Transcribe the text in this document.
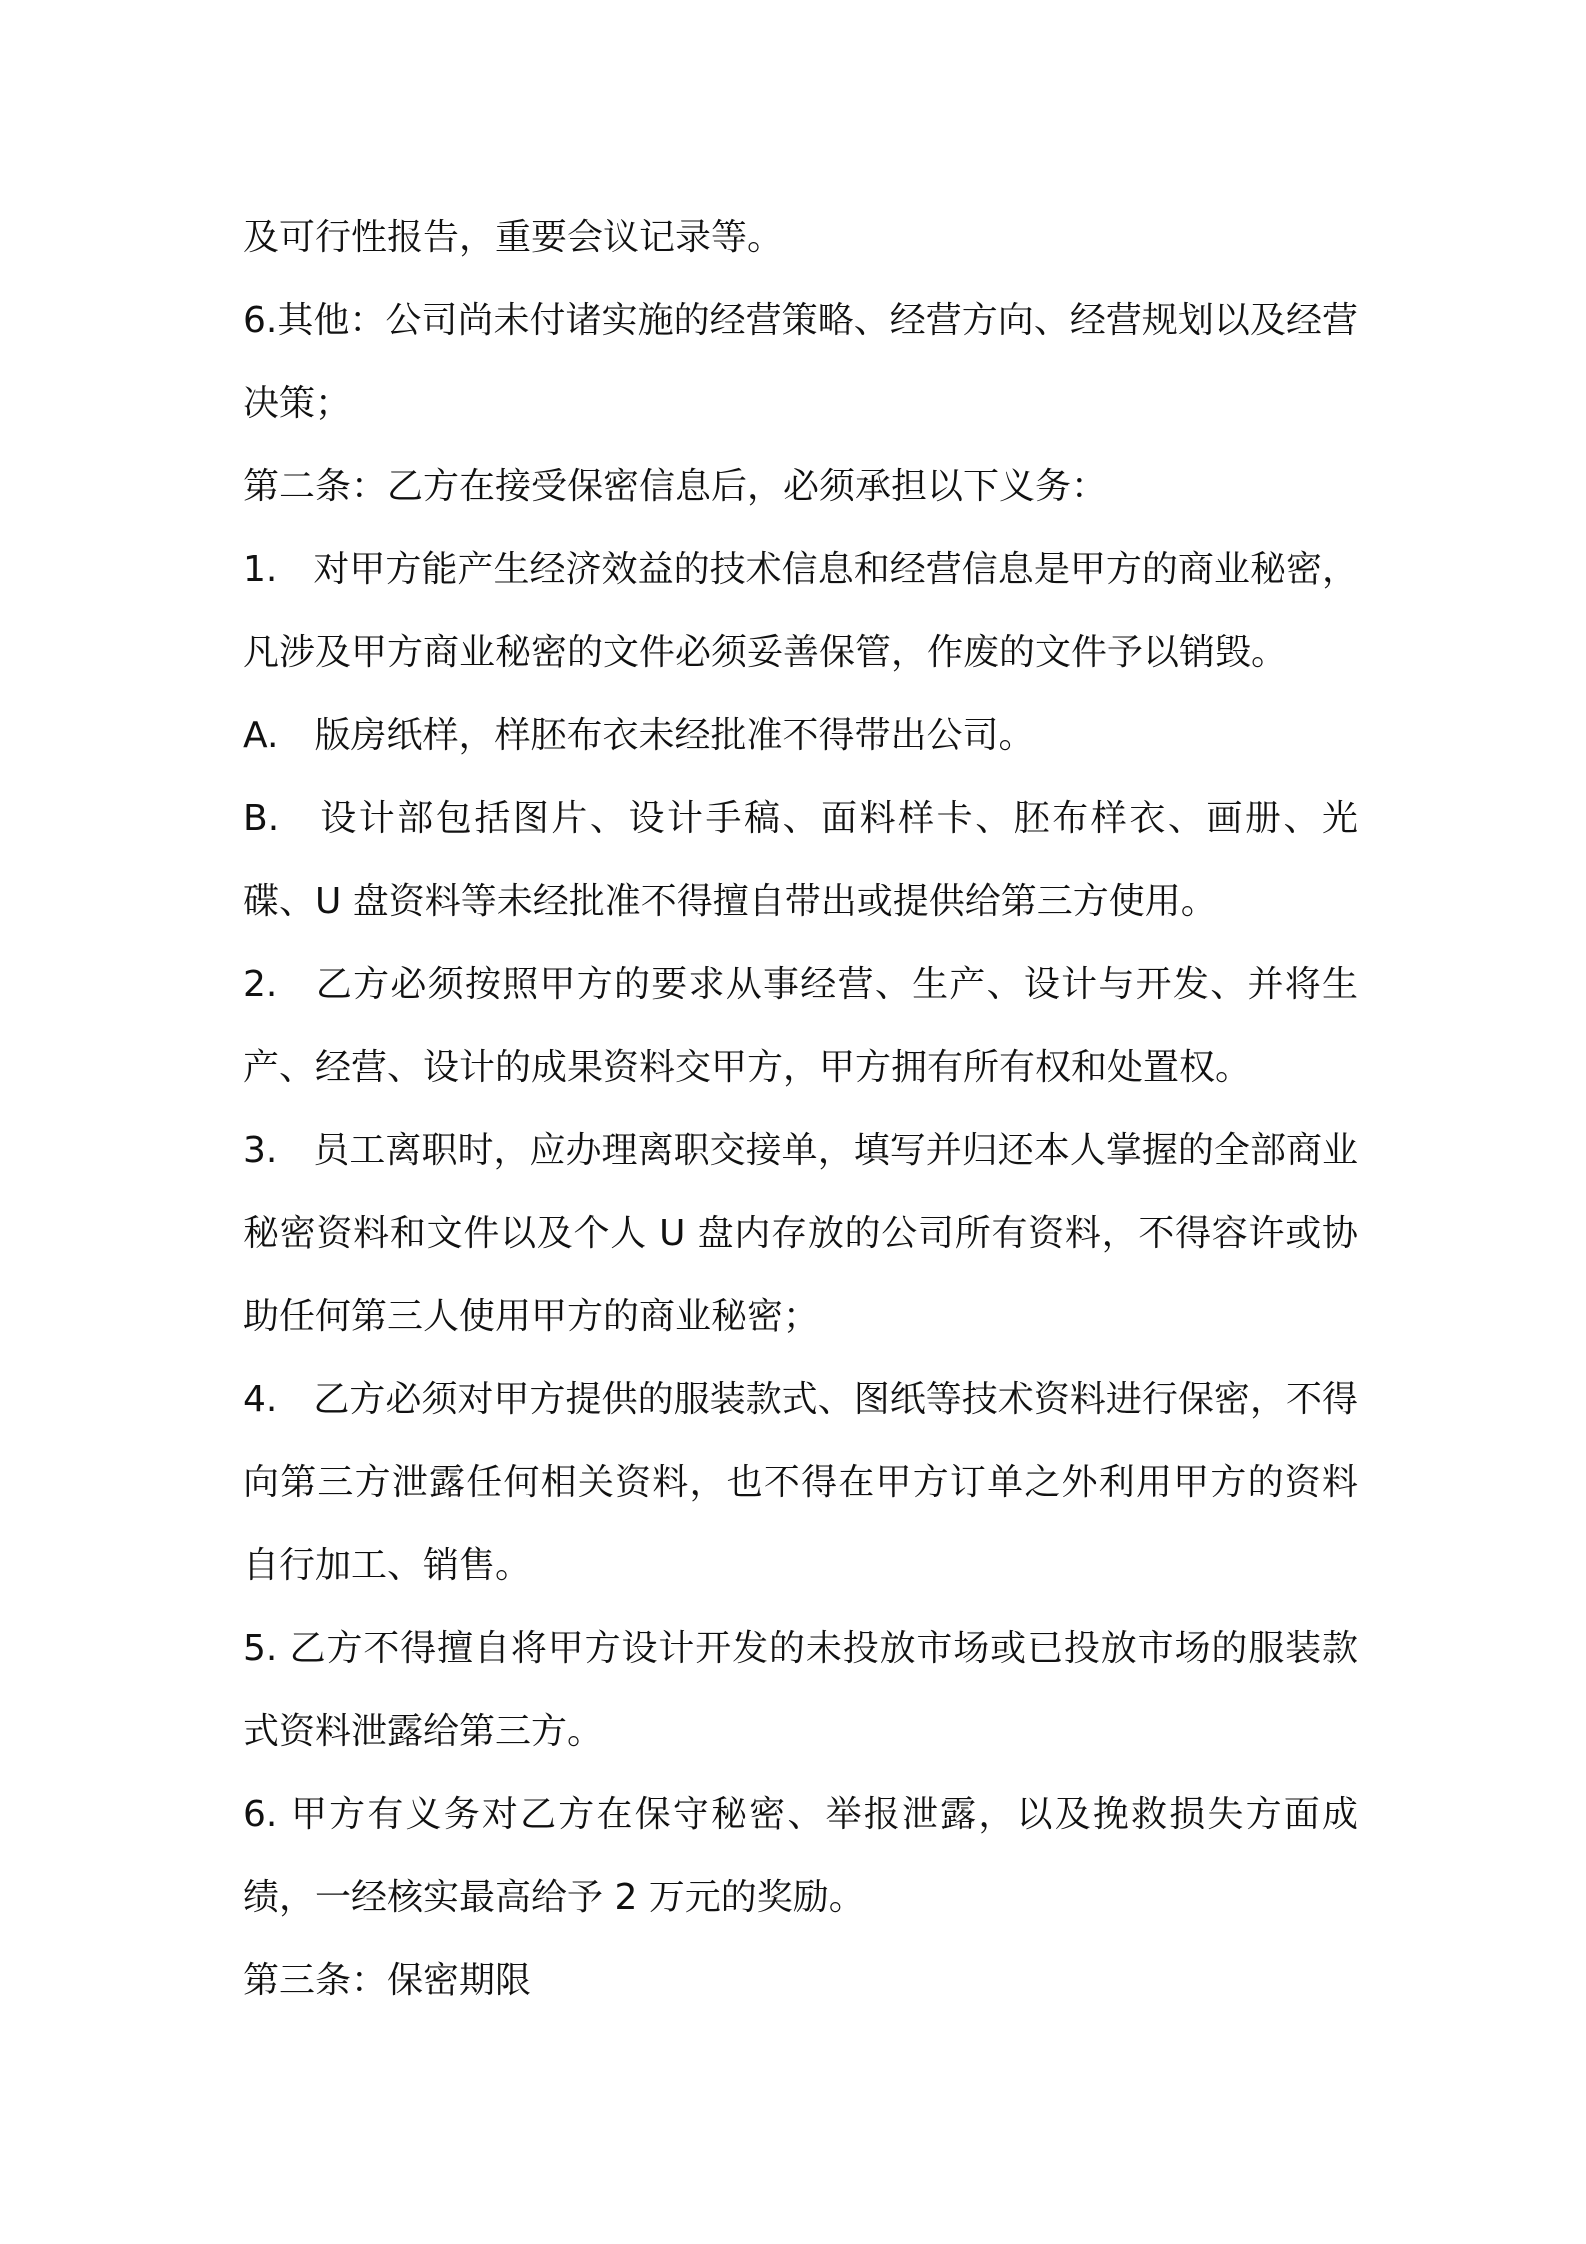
及可行性报告，重要会议记录等。

6.其他：公司尚未付诸实施的经营策略、经营方向、经营规划以及经营决策；

第二条：乙方在接受保密信息后，必须承担以下义务：

1.　对甲方能产生经济效益的技术信息和经营信息是甲方的商业秘密，凡涉及甲方商业秘密的文件必须妥善保管，作废的文件予以销毁。

A.　版房纸样，样胚布衣未经批准不得带出公司。

B.　设计部包括图片、设计手稿、面料样卡、胚布样衣、画册、光碟、U 盘资料等未经批准不得擅自带出或提供给第三方使用。

2.　乙方必须按照甲方的要求从事经营、生产、设计与开发、并将生产、经营、设计的成果资料交甲方，甲方拥有所有权和处置权。

3.　员工离职时，应办理离职交接单，填写并归还本人掌握的全部商业秘密资料和文件以及个人 U 盘内存放的公司所有资料，不得容许或协助任何第三人使用甲方的商业秘密；

4.　乙方必须对甲方提供的服装款式、图纸等技术资料进行保密，不得向第三方泄露任何相关资料，也不得在甲方订单之外利用甲方的资料自行加工、销售。

5. 乙方不得擅自将甲方设计开发的未投放市场或已投放市场的服装款式资料泄露给第三方。

6. 甲方有义务对乙方在保守秘密、举报泄露，以及挽救损失方面成绩，一经核实最高给予 2 万元的奖励。

第三条：保密期限
